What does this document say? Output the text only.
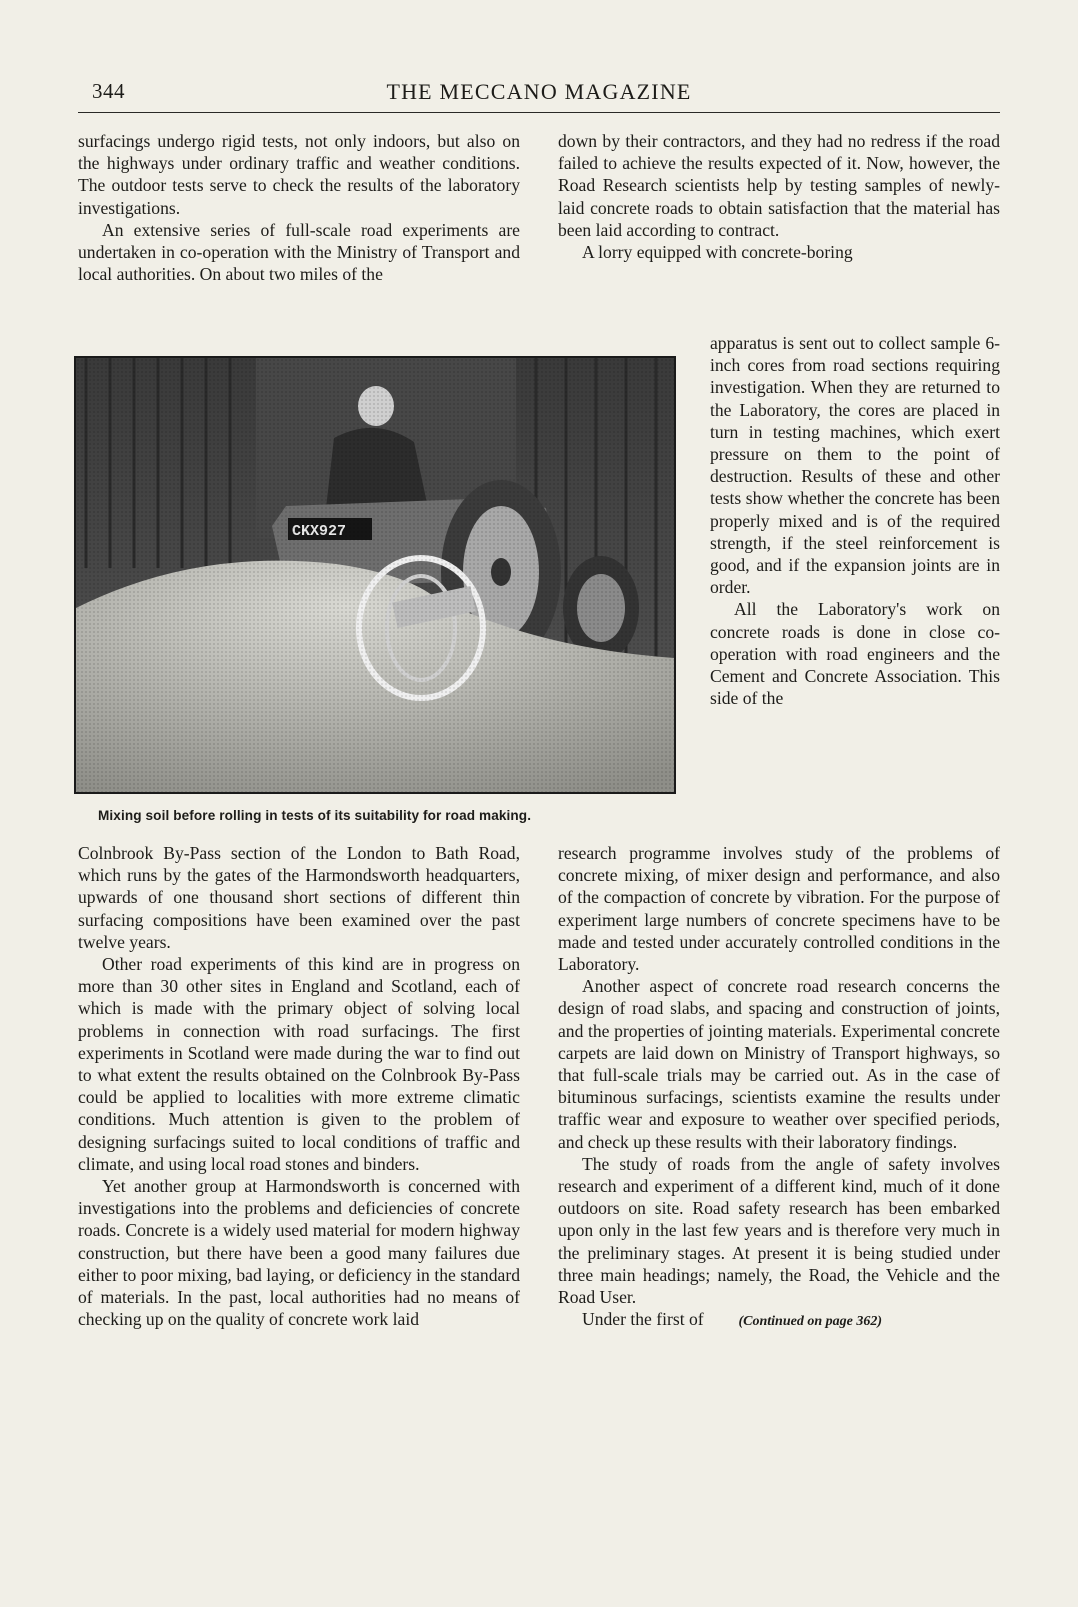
344	THE MECCANO MAGAZINE

surfacings undergo rigid tests, not only indoors, but also on the highways under ordinary traffic and weather conditions. The outdoor tests serve to check the results of the laboratory investigations.

An extensive series of full-scale road experiments are undertaken in co-operation with the Ministry of Transport and local authorities. On about two miles of the

down by their contractors, and they had no redress if the road failed to achieve the results expected of it. Now, however, the Road Research scientists help by testing samples of newly-laid concrete roads to obtain satisfaction that the material has been laid according to contract.

A lorry equipped with concrete-boring

Mixing soil before rolling in tests of its suitability for road making.

apparatus is sent out to collect sample 6-inch cores from road sections requiring investigation. When they are returned to the Laboratory, the cores are placed in turn in testing machines, which exert pressure on them to the point of destruction. Results of these and other tests show whether the concrete has been properly mixed and is of the required strength, if the steel reinforcement is good, and if the expansion joints are in order.

All the Laboratory's work on concrete roads is done in close co-operation with road engineers and the Cement and Concrete Association. This side of the

Colnbrook By-Pass section of the London to Bath Road, which runs by the gates of the Harmondsworth headquarters, upwards of one thousand short sections of different thin surfacing compositions have been examined over the past twelve years.

Other road experiments of this kind are in progress on more than 30 other sites in England and Scotland, each of which is made with the primary object of solving local problems in connection with road surfacings. The first experiments in Scotland were made during the war to find out to what extent the results obtained on the Colnbrook By-Pass could be applied to localities with more extreme climatic conditions. Much attention is given to the problem of designing surfacings suited to local conditions of traffic and climate, and using local road stones and binders.

Yet another group at Harmondsworth is concerned with investigations into the problems and deficiencies of concrete roads. Concrete is a widely used material for modern highway construction, but there have been a good many failures due either to poor mixing, bad laying, or deficiency in the standard of materials. In the past, local authorities had no means of checking up on the quality of concrete work laid

research programme involves study of the problems of concrete mixing, of mixer design and performance, and also of the compaction of concrete by vibration. For the purpose of experiment large numbers of concrete specimens have to be made and tested under accurately controlled conditions in the Laboratory.

Another aspect of concrete road research concerns the design of road slabs, and spacing and construction of joints, and the properties of jointing materials. Experimental concrete carpets are laid down on Ministry of Transport highways, so that full-scale trials may be carried out. As in the case of bituminous surfacings, scientists examine the results under traffic wear and exposure to weather over specified periods, and check up these results with their laboratory findings.

The study of roads from the angle of safety involves research and experiment of a different kind, much of it done outdoors on site. Road safety research has been embarked upon only in the last few years and is therefore very much in the preliminary stages. At present it is being studied under three main headings; namely, the Road, the Vehicle and the Road User.

Under the first of (Continued on page 362)
